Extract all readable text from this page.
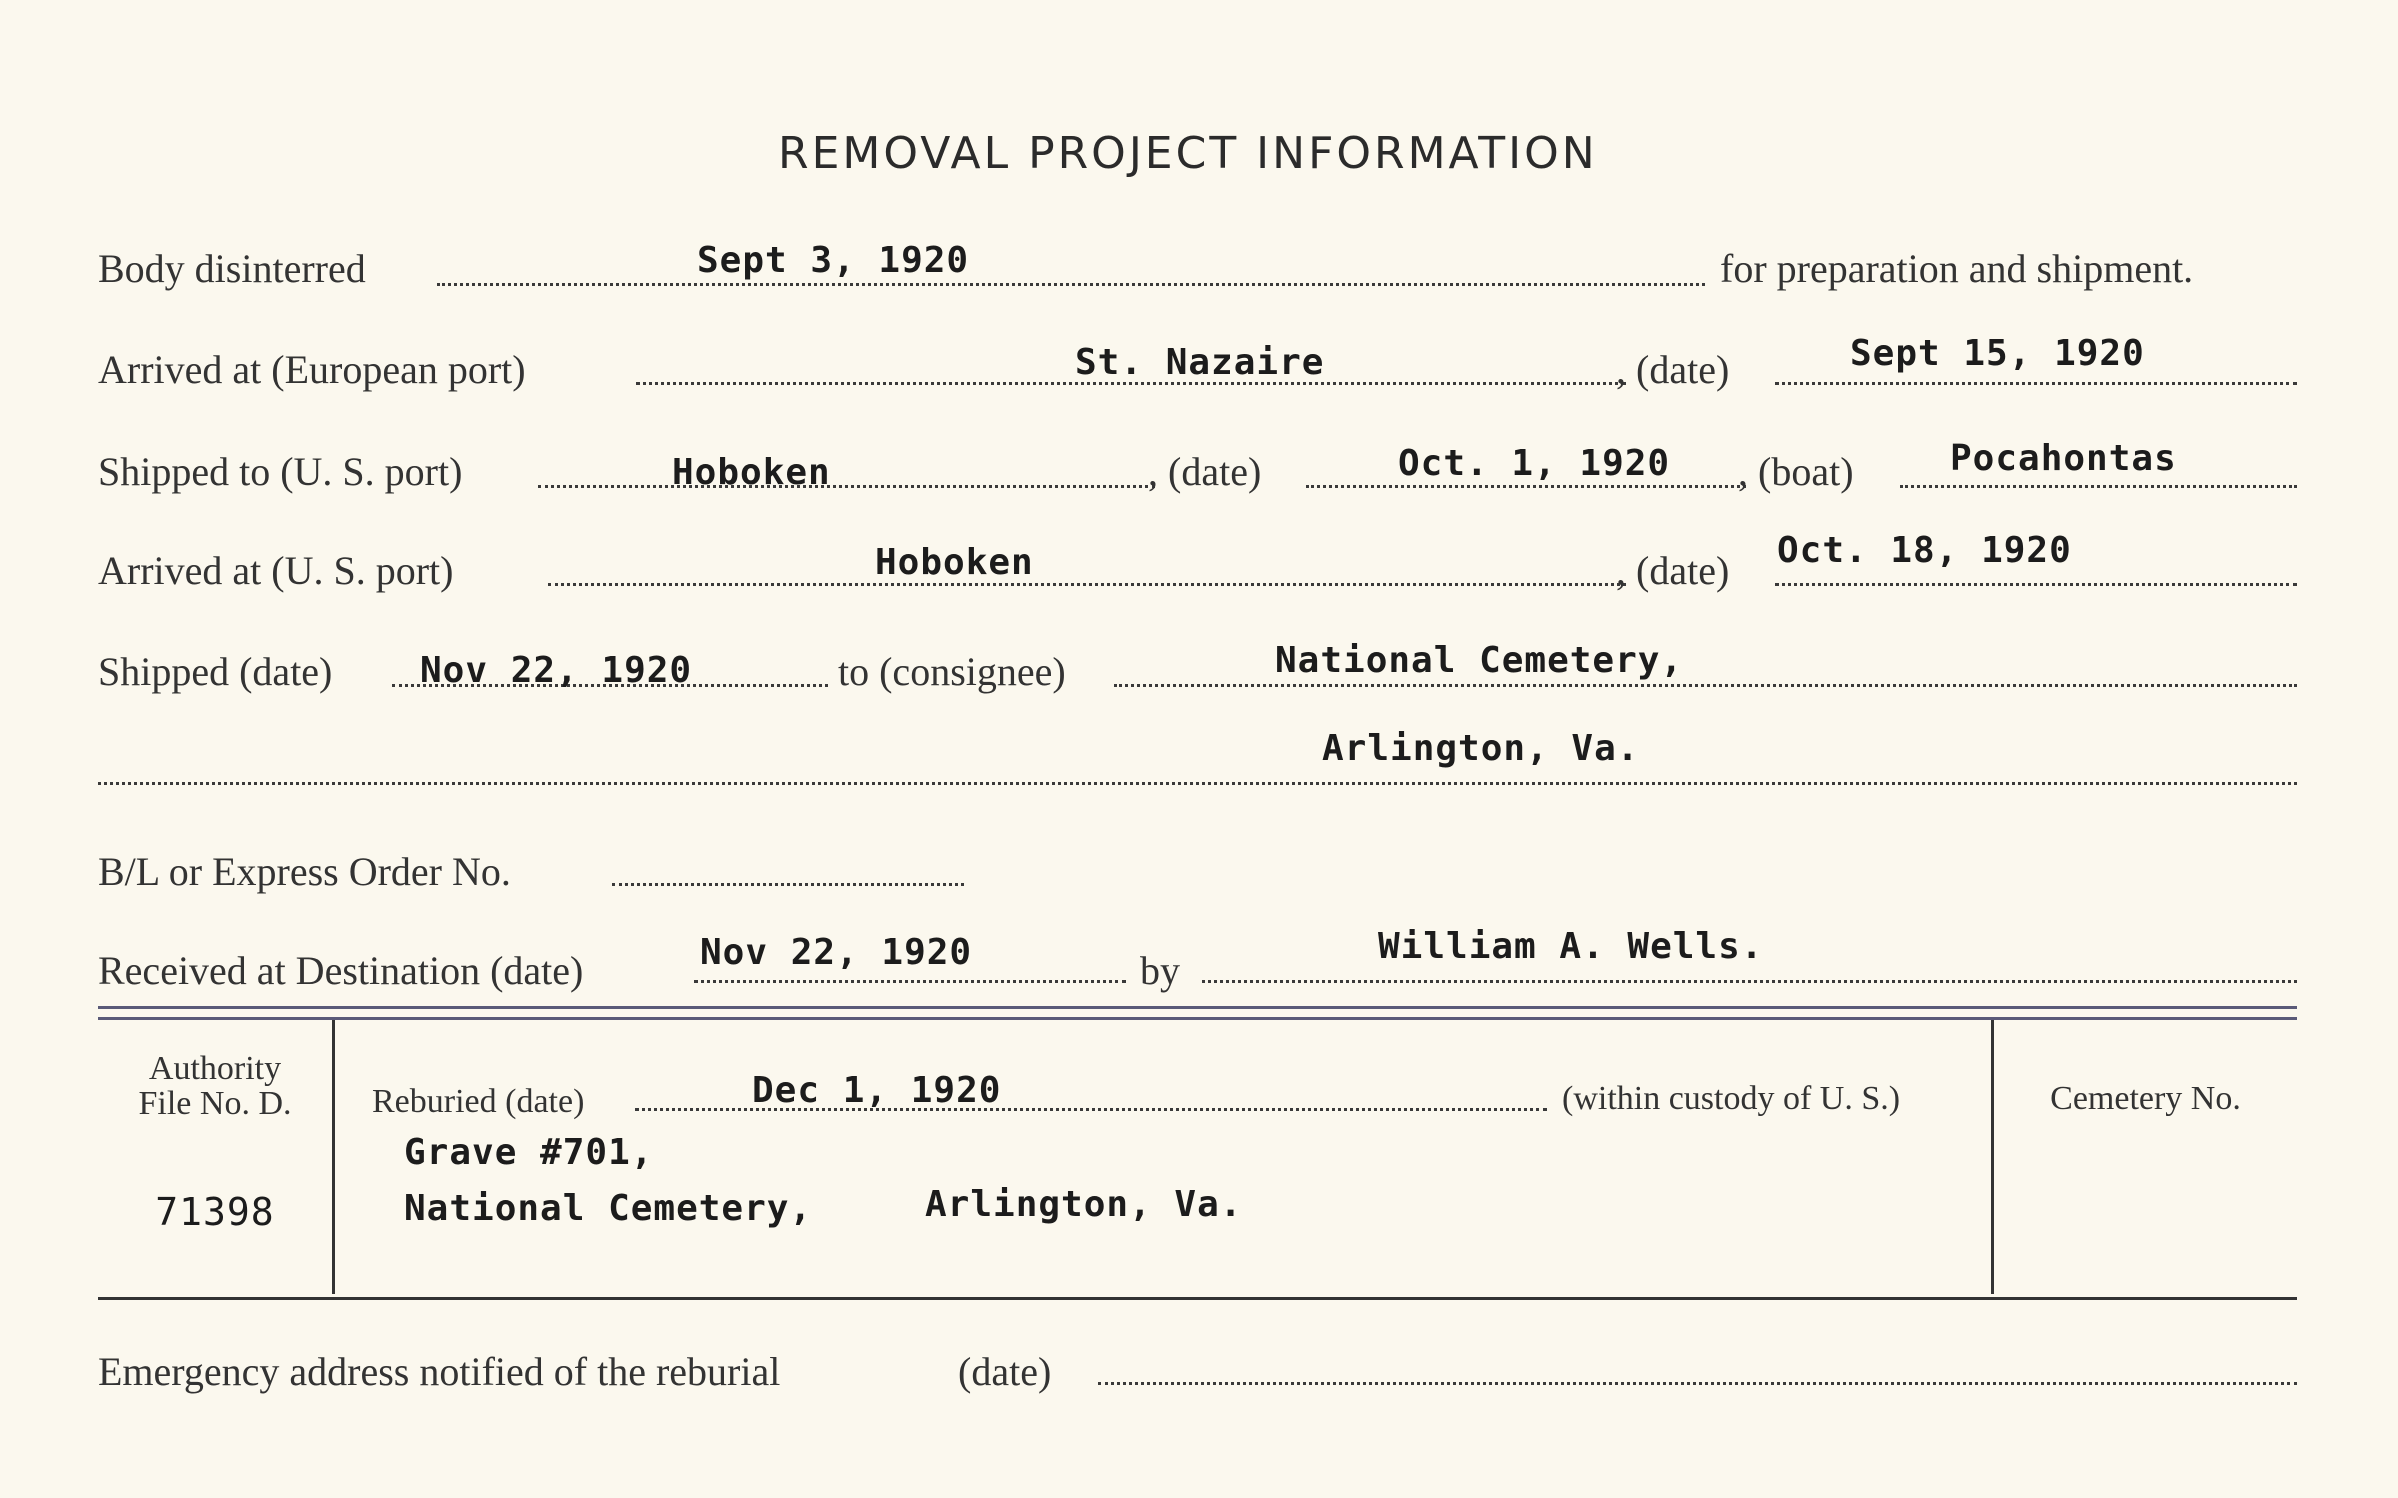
REMOVAL PROJECT INFORMATION
Body disinterred	Sept 3, 1920	for preparation and shipment.
Arrived at (European port)	St. Nazaire	, (date)	Sept 15, 1920
Shipped to (U. S. port)	Hoboken	, (date)	Oct. 1, 1920 , (boat)	Pocahontas
Arrived at (U. S. port)	Hoboken	, (date) Oct. 18, 1920
Shipped (date) Nov 22, 1920	to (consignee)	National Cemetery,
Arlington, Va.
B/L or Express Order No.
Received at Destination (date)	Nov 22, 1920	by
William A. Wells.
Authority
File No. D.
71398
Reburied (date)	Dec 1, 1920	(within custody of U. S.)
Grave #701,
National Cemetery,	Arlington, Va.
Cemetery No.
Emergency address notified of the reburial	(date)
